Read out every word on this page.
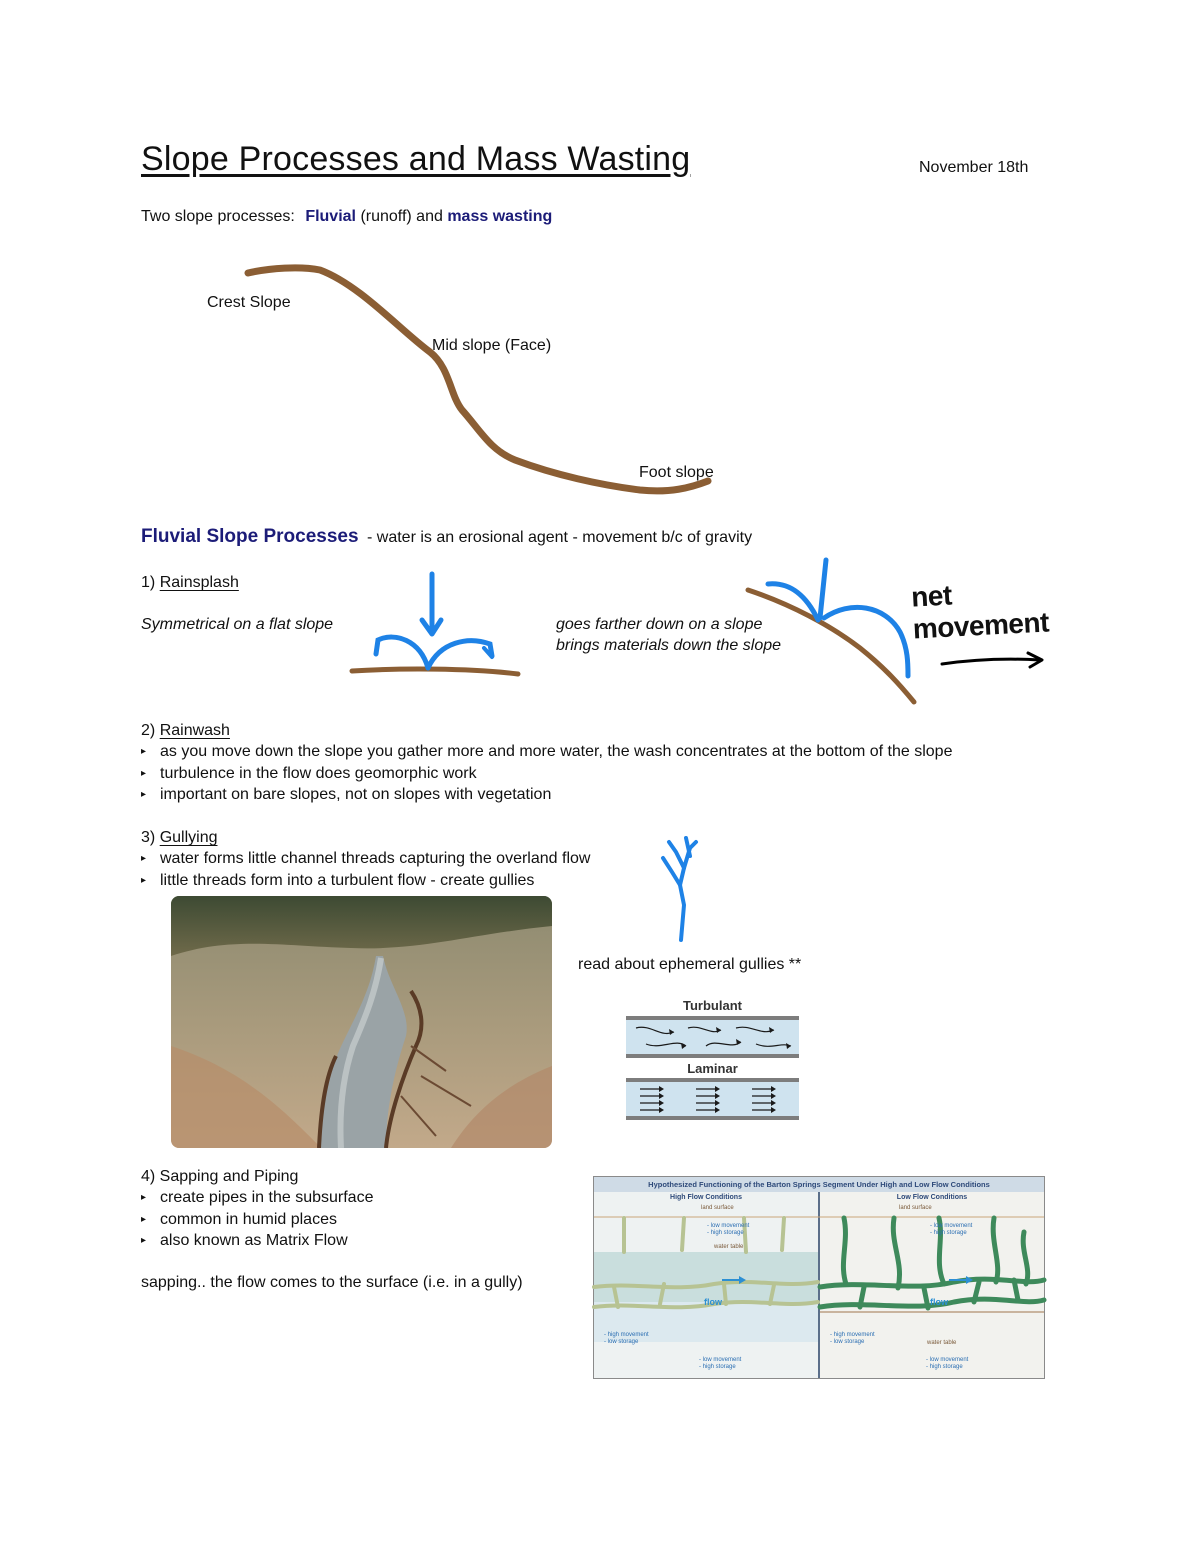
Slope Processes and Mass Wasting	November 18th
Two slope processes: Fluvial (runoff) and mass wasting
Crest Slope
Mid slope (Face)
Foot slope
Fluvial Slope Processes - water is an erosional agent - movement b/c of gravity
1) Rainsplash
Symmetrical on a flat slope	goes farther down on a slope
brings materials down the slope
net
movement
2) Rainwash
▸ as you move down the slope you gather more and more water, the wash concentrates at the bottom of the slope
▸ turbulence in the flow does geomorphic work
▸ important on bare slopes, not on slopes with vegetation
3) Gullying
▸ water forms little channel threads capturing the overland flow
▸ little threads form into a turbulent flow - create gullies
read about ephemeral gullies **
Turbulant
Laminar
4) Sapping and Piping
▸ create pipes in the subsurface
▸ common in humid places
▸ also known as Matrix Flow
sapping.. the flow comes to the surface (i.e. in a gully)
Hypothesized Functioning of the Barton Springs Segment Under High and Low Flow Conditions
High Flow Conditions	Low Flow Conditions
land surface	land surface
- low movement
- high storage
- low movement
- high storage
water table
water table
flow	flow
- high movement
- low storage
- high movement
- low storage
- low movement
- high storage
- low movement
- high storage
